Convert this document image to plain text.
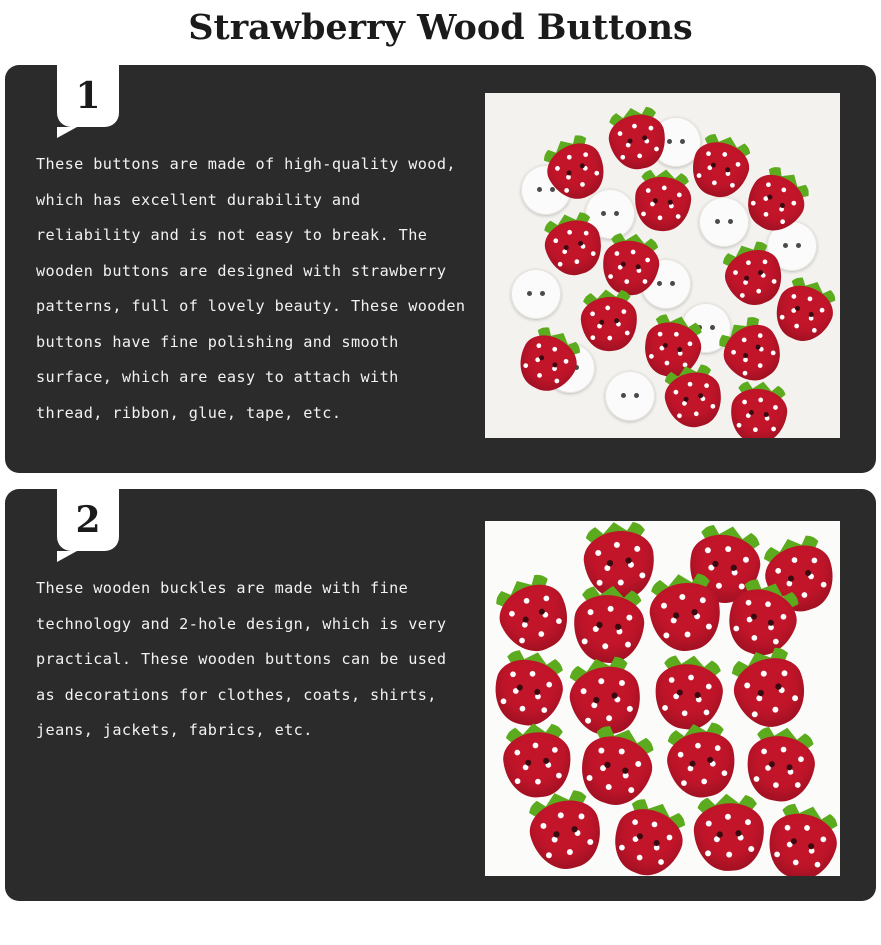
Strawberry Wood Buttons
1
These buttons are made of high-quality wood, which has excellent durability and reliability and is not easy to break. The wooden buttons are designed with strawberry patterns, full of lovely beauty. These wooden buttons have fine polishing and smooth surface, which are easy to attach with thread, ribbon, glue, tape, etc.
2
These wooden buckles are made with fine technology and 2-hole design, which is very practical. These wooden buttons can be used as decorations for clothes, coats, shirts, jeans, jackets, fabrics, etc.
